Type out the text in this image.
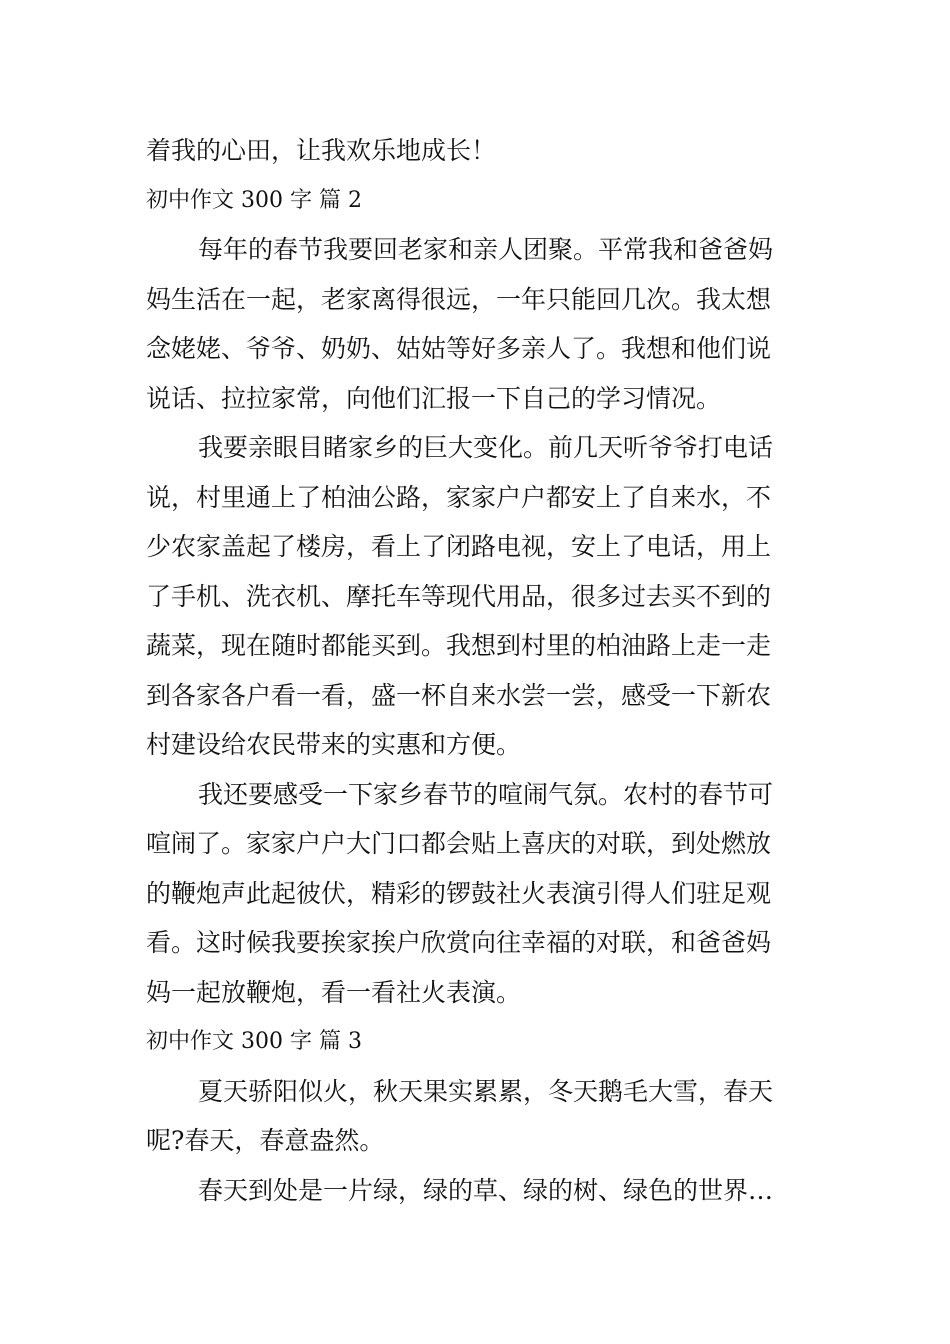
着我的心田，让我欢乐地成长！
初中作文 300 字 篇 2
每年的春节我要回老家和亲人团聚。平常我和爸爸妈
妈生活在一起，老家离得很远，一年只能回几次。我太想
念姥姥、爷爷、奶奶、姑姑等好多亲人了。我想和他们说
说话、拉拉家常，向他们汇报一下自己的学习情况。
我要亲眼目睹家乡的巨大变化。前几天听爷爷打电话
说，村里通上了柏油公路，家家户户都安上了自来水，不
少农家盖起了楼房，看上了闭路电视，安上了电话，用上
了手机、洗衣机、摩托车等现代用品，很多过去买不到的
蔬菜，现在随时都能买到。我想到村里的柏油路上走一走
到各家各户看一看，盛一杯自来水尝一尝，感受一下新农
村建设给农民带来的实惠和方便。
我还要感受一下家乡春节的喧闹气氛。农村的春节可
喧闹了。家家户户大门口都会贴上喜庆的对联，到处燃放
的鞭炮声此起彼伏，精彩的锣鼓社火表演引得人们驻足观
看。这时候我要挨家挨户欣赏向往幸福的对联，和爸爸妈
妈一起放鞭炮，看一看社火表演。
初中作文 300 字 篇 3
夏天骄阳似火，秋天果实累累，冬天鹅毛大雪，春天
呢?春天，春意盎然。
春天到处是一片绿，绿的草、绿的树、绿色的世界…
